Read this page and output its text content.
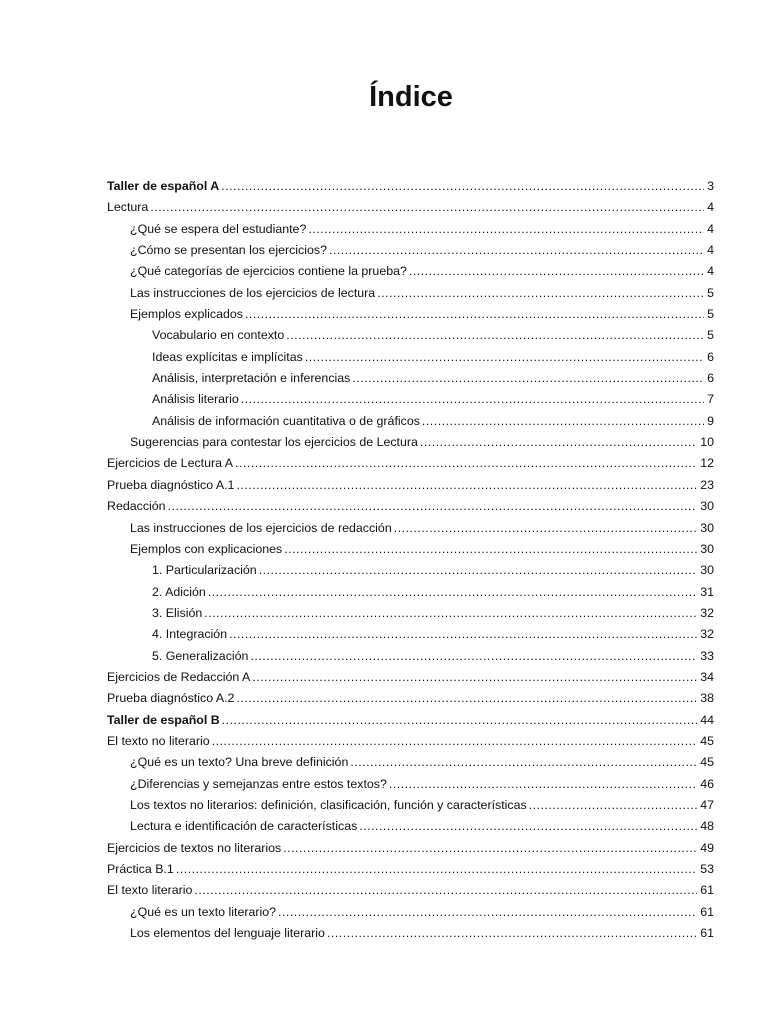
Índice
Taller de español A .....	3
Lectura .....	4
¿Qué se espera del estudiante? .....	4
¿Cómo se presentan los ejercicios? .....	4
¿Qué categorías de ejercicios contiene la prueba? .....	4
Las instrucciones de los ejercicios de lectura .....	5
Ejemplos explicados .....	5
Vocabulario en contexto .....	5
Ideas explícitas e implícitas .....	6
Análisis, interpretación e inferencias .....	6
Análisis literario .....	7
Análisis de información cuantitativa o de gráficos .....	9
Sugerencias para contestar los ejercicios de Lectura .....	10
Ejercicios de Lectura A .....	12
Prueba diagnóstico A.1 .....	23
Redacción .....	30
Las instrucciones de los ejercicios de redacción .....	30
Ejemplos con explicaciones .....	30
1. Particularización .....	30
2. Adición .....	31
3. Elisión .....	32
4. Integración .....	32
5. Generalización .....	33
Ejercicios de Redacción A .....	34
Prueba diagnóstico A.2 .....	38
Taller de español B .....	44
El texto no literario .....	45
¿Qué es un texto? Una breve definición .....	45
¿Diferencias y semejanzas entre estos textos? .....	46
Los textos no literarios: definición, clasificación, función y características .....	47
Lectura e identificación de características .....	48
Ejercicios de textos no literarios .....	49
Práctica B.1 .....	53
El texto literario .....	61
¿Qué es un texto literario? .....	61
Los elementos del lenguaje literario .....	61
